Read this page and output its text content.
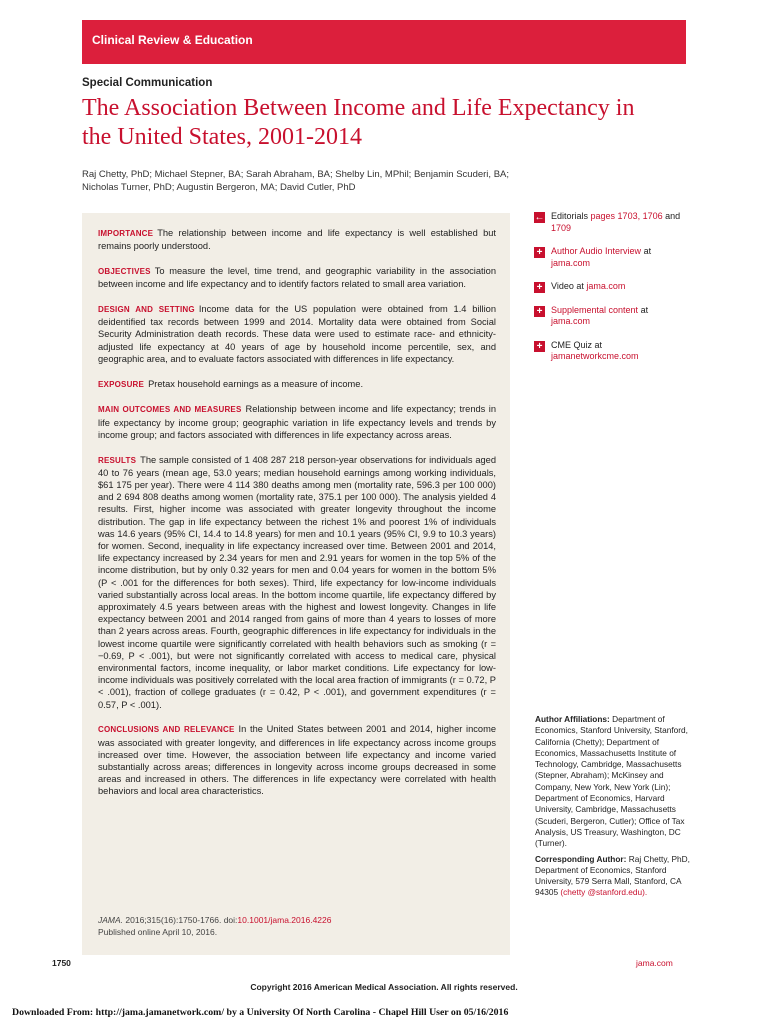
Clinical Review & Education
Special Communication
The Association Between Income and Life Expectancy in the United States, 2001-2014
Raj Chetty, PhD; Michael Stepner, BA; Sarah Abraham, BA; Shelby Lin, MPhil; Benjamin Scuderi, BA;
Nicholas Turner, PhD; Augustin Bergeron, MA; David Cutler, PhD

IMPORTANCE The relationship between income and life expectancy is well established but remains poorly understood.

OBJECTIVES To measure the level, time trend, and geographic variability in the association between income and life expectancy and to identify factors related to small area variation.

DESIGN AND SETTING Income data for the US population were obtained from 1.4 billion deidentified tax records between 1999 and 2014. Mortality data were obtained from Social Security Administration death records. These data were used to estimate race- and ethnicity-adjusted life expectancy at 40 years of age by household income percentile, sex, and geographic area, and to evaluate factors associated with differences in life expectancy.

EXPOSURE Pretax household earnings as a measure of income.

MAIN OUTCOMES AND MEASURES Relationship between income and life expectancy; trends in life expectancy by income group; geographic variation in life expectancy levels and trends by income group; and factors associated with differences in life expectancy across areas.

RESULTS The sample consisted of 1 408 287 218 person-year observations for individuals aged 40 to 76 years (mean age, 53.0 years; median household earnings among working individuals, $61 175 per year). There were 4 114 380 deaths among men (mortality rate, 596.3 per 100 000) and 2 694 808 deaths among women (mortality rate, 375.1 per 100 000). The analysis yielded 4 results. First, higher income was associated with greater longevity throughout the income distribution. The gap in life expectancy between the richest 1% and poorest 1% of individuals was 14.6 years (95% CI, 14.4 to 14.8 years) for men and 10.1 years (95% CI, 9.9 to 10.3 years) for women. Second, inequality in life expectancy increased over time. Between 2001 and 2014, life expectancy increased by 2.34 years for men and 2.91 years for women in the top 5% of the income distribution, but by only 0.32 years for men and 0.04 years for women in the bottom 5% (P < .001 for the differences for both sexes). Third, life expectancy for low-income individuals varied substantially across local areas. In the bottom income quartile, life expectancy differed by approximately 4.5 years between areas with the highest and lowest longevity. Changes in life expectancy between 2001 and 2014 ranged from gains of more than 4 years to losses of more than 2 years across areas. Fourth, geographic differences in life expectancy for individuals in the lowest income quartile were significantly correlated with health behaviors such as smoking (r = −0.69, P < .001), but were not significantly correlated with access to medical care, physical environmental factors, income inequality, or labor market conditions. Life expectancy for low-income individuals was positively correlated with the local area fraction of immigrants (r = 0.72, P < .001), fraction of college graduates (r = 0.42, P < .001), and government expenditures (r = 0.57, P < .001).

CONCLUSIONS AND RELEVANCE In the United States between 2001 and 2014, higher income was associated with greater longevity, and differences in life expectancy across income groups increased over time. However, the association between life expectancy and income varied substantially across areas; differences in longevity across income groups decreased in some areas and increased in others. The differences in life expectancy were correlated with health behaviors and local area characteristics.

JAMA. 2016;315(16):1750-1766. doi:10.1001/jama.2016.4226
Published online April 10, 2016.
← Editorials pages 1703, 1706 and 1709
+ Author Audio Interview at jama.com
+ Video at jama.com
+ Supplemental content at jama.com
+ CME Quiz at jamanetworkcme.com

Author Affiliations: Department of Economics, Stanford University, Stanford, California (Chetty); Department of Economics, Massachusetts Institute of Technology, Cambridge, Massachusetts (Stepner, Abraham); McKinsey and Company, New York, New York (Lin); Department of Economics, Harvard University, Cambridge, Massachusetts (Scuderi, Bergeron, Cutler); Office of Tax Analysis, US Treasury, Washington, DC (Turner).

Corresponding Author: Raj Chetty, PhD, Department of Economics, Stanford University, 579 Serra Mall, Stanford, CA 94305 (chetty @stanford.edu).

1750	jama.com
Copyright 2016 American Medical Association. All rights reserved.
Downloaded From: http://jama.jamanetwork.com/ by a University Of North Carolina - Chapel Hill User on 05/16/2016
